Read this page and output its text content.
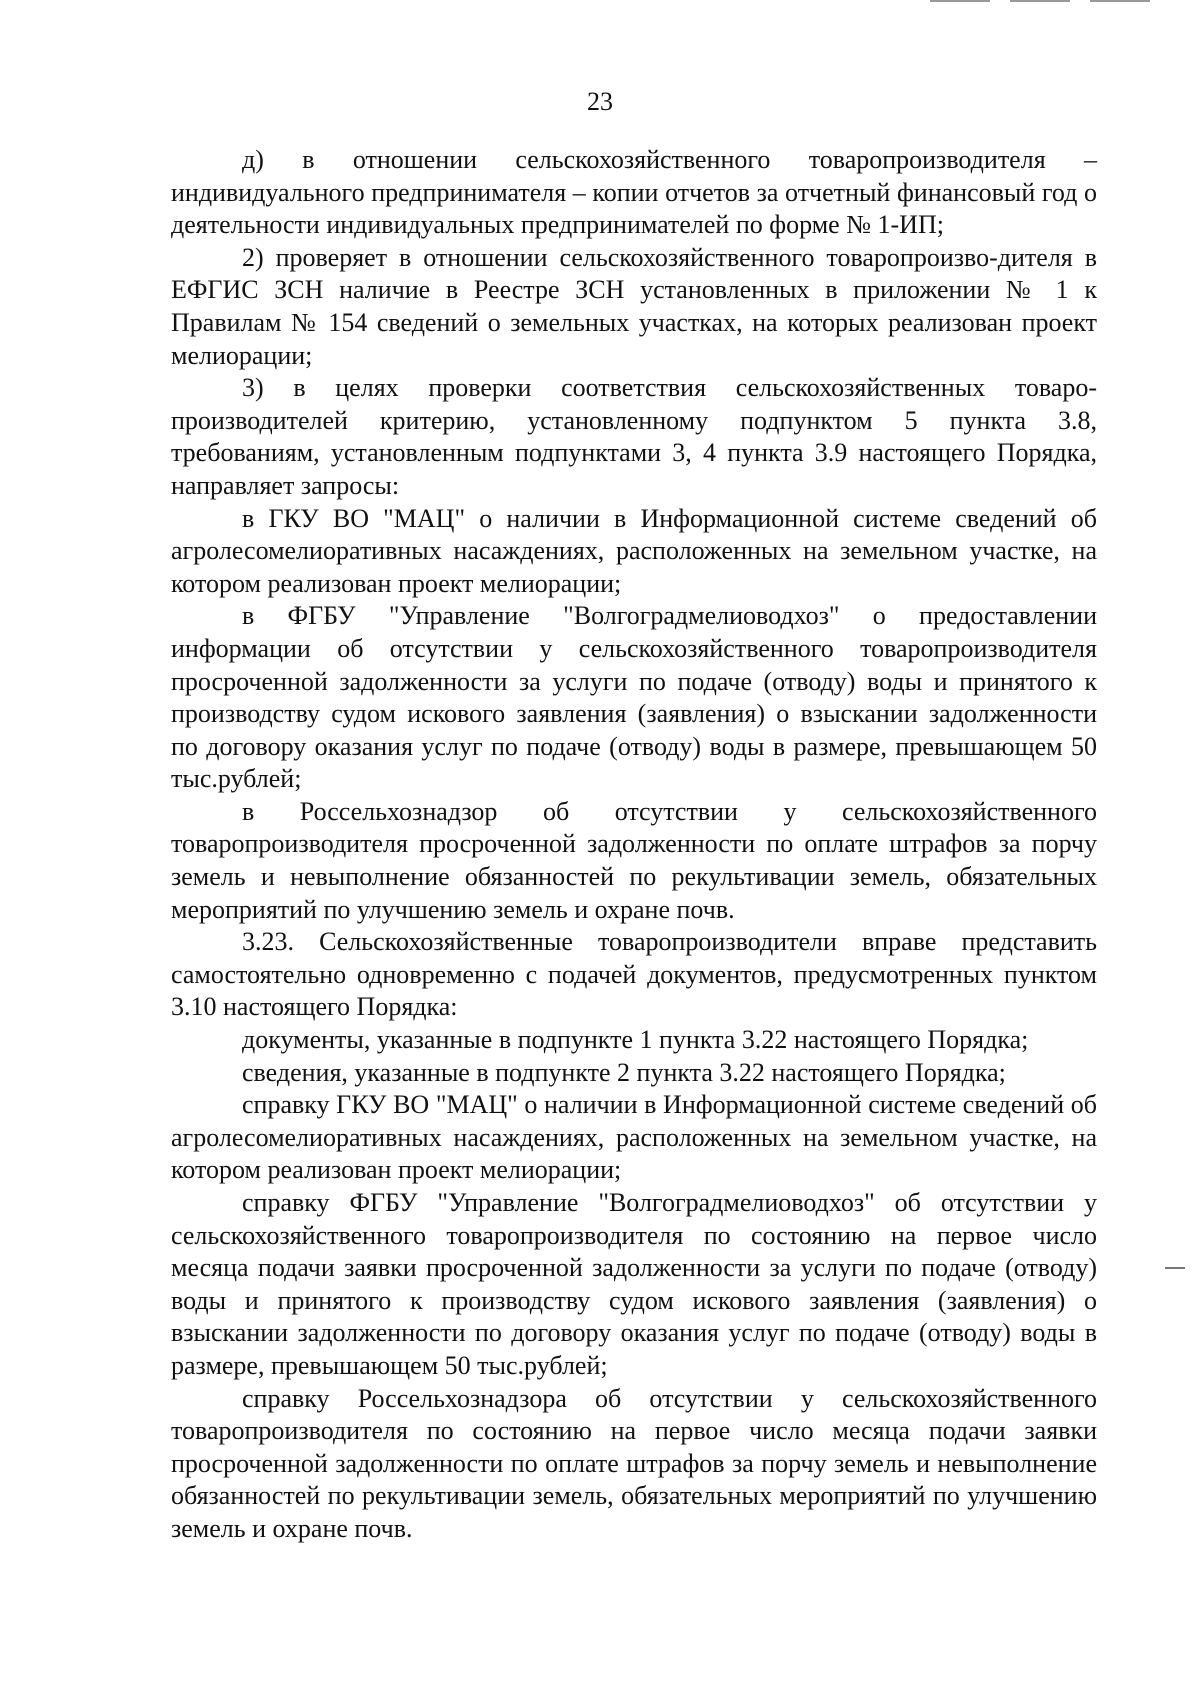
23

д) в отношении сельскохозяйственного товаропроизводителя – индивидуального предпринимателя – копии отчетов за отчетный финансовый год о деятельности индивидуальных предпринимателей по форме № 1-ИП;

2) проверяет в отношении сельскохозяйственного товаропроизво-дителя в ЕФГИС ЗСН наличие в Реестре ЗСН установленных в приложении № 1 к Правилам № 154 сведений о земельных участках, на которых реализован проект мелиорации;

3) в целях проверки соответствия сельскохозяйственных товаро-производителей критерию, установленному подпунктом 5 пункта 3.8, требованиям, установленным подпунктами 3, 4 пункта 3.9 настоящего Порядка, направляет запросы:

в ГКУ ВО "МАЦ" о наличии в Информационной системе сведений об агролесомелиоративных насаждениях, расположенных на земельном участке, на котором реализован проект мелиорации;

в ФГБУ "Управление "Волгоградмелиоводхоз" о предоставлении информации об отсутствии у сельскохозяйственного товаропроизводителя просроченной задолженности за услуги по подаче (отводу) воды и принятого к производству судом искового заявления (заявления) о взыскании задолженности по договору оказания услуг по подаче (отводу) воды в размере, превышающем 50 тыс.рублей;

в Россельхознадзор об отсутствии у сельскохозяйственного товаропроизводителя просроченной задолженности по оплате штрафов за порчу земель и невыполнение обязанностей по рекультивации земель, обязательных мероприятий по улучшению земель и охране почв.

3.23. Сельскохозяйственные товаропроизводители вправе представить самостоятельно одновременно с подачей документов, предусмотренных пунктом 3.10 настоящего Порядка:

документы, указанные в подпункте 1 пункта 3.22 настоящего Порядка;

сведения, указанные в подпункте 2 пункта 3.22 настоящего Порядка;

справку ГКУ ВО "МАЦ" о наличии в Информационной системе сведений об агролесомелиоративных насаждениях, расположенных на земельном участке, на котором реализован проект мелиорации;

справку ФГБУ "Управление "Волгоградмелиоводхоз" об отсутствии у сельскохозяйственного товаропроизводителя по состоянию на первое число месяца подачи заявки просроченной задолженности за услуги по подаче (отводу) воды и принятого к производству судом искового заявления (заявления) о взыскании задолженности по договору оказания услуг по подаче (отводу) воды в размере, превышающем 50 тыс.рублей;

справку Россельхознадзора об отсутствии у сельскохозяйственного товаропроизводителя по состоянию на первое число месяца подачи заявки просроченной задолженности по оплате штрафов за порчу земель и невыполнение обязанностей по рекультивации земель, обязательных мероприятий по улучшению земель и охране почв.
